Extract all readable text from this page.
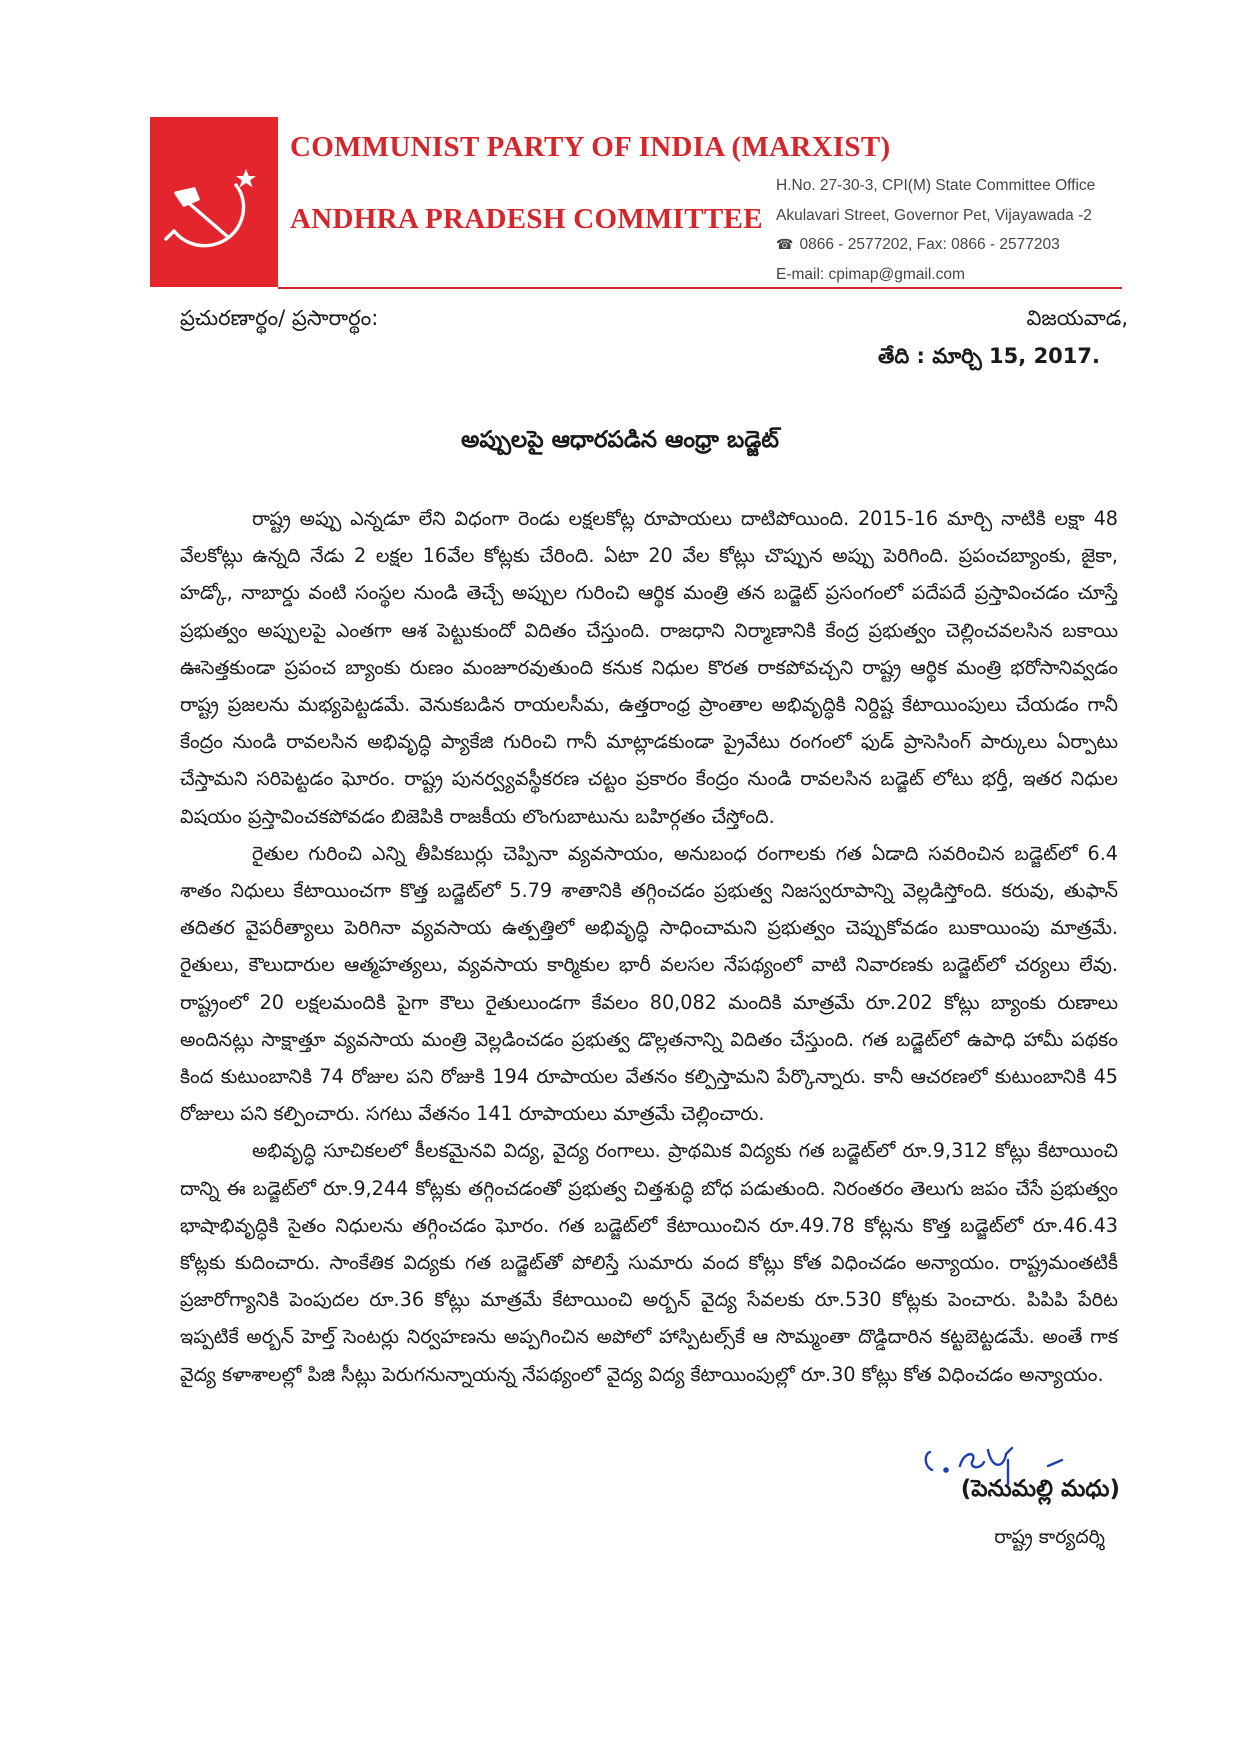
COMMUNIST PARTY OF INDIA (MARXIST)
ANDHRA PRADESH COMMITTEE
H.No. 27-30-3, CPI(M) State Committee Office
Akulavari Street, Governor Pet, Vijayawada -2
☎ 0866 - 2577202, Fax: 0866 - 2577203
E-mail: cpimap@gmail.com
ప్రచురణార్థం/ ప్రసారార్థం:	విజయవాడ,
తేది : మార్చి 15, 2017.
అప్పులపై ఆధారపడిన ఆంధ్రా బడ్జెట్

రాష్ట్ర అప్పు ఎన్నడూ లేని విధంగా రెండు లక్షలకోట్ల రూపాయలు దాటిపోయింది. 2015-16 మార్చి నాటికి లక్షా 48 వేలకోట్లు ఉన్నది నేడు 2 లక్షల 16వేల కోట్లకు చేరింది. ఏటా 20 వేల కోట్లు చొప్పున అప్పు పెరిగింది. ప్రపంచబ్యాంకు, జైకా, హడ్కో, నాబార్డు వంటి సంస్థల నుండి తెచ్చే అప్పుల గురించి ఆర్థిక మంత్రి తన బడ్జెట్ ప్రసంగంలో పదేపదే ప్రస్తావించడం చూస్తే ప్రభుత్వం అప్పులపై ఎంతగా ఆశ పెట్టుకుందో విదితం చేస్తుంది. రాజధాని నిర్మాణానికి కేంద్ర ప్రభుత్వం చెల్లించవలసిన బకాయి ఊసెత్తకుండా ప్రపంచ బ్యాంకు రుణం మంజూరవుతుంది కనుక నిధుల కొరత రాకపోవచ్చని రాష్ట్ర ఆర్థిక మంత్రి భరోసానివ్వడం రాష్ట్ర ప్రజలను మభ్యపెట్టడమే. వెనుకబడిన రాయలసీమ, ఉత్తరాంధ్ర ప్రాంతాల అభివృద్ధికి నిర్దిష్ట కేటాయింపులు చేయడం గానీ కేంద్రం నుండి రావలసిన అభివృద్ధి ప్యాకేజి గురించి గానీ మాట్లాడకుండా ప్రైవేటు రంగంలో ఫుడ్ ప్రాసెసింగ్ పార్కులు ఏర్పాటు చేస్తామని సరిపెట్టడం ఘోరం. రాష్ట్ర పునర్వ్యవస్థీకరణ చట్టం ప్రకారం కేంద్రం నుండి రావలసిన బడ్జెట్ లోటు భర్తీ, ఇతర నిధుల విషయం ప్రస్తావించకపోవడం బిజెపికి రాజకీయ లొంగుబాటును బహిర్గతం చేస్తోంది.

రైతుల గురించి ఎన్ని తీపికబుర్లు చెప్పినా వ్యవసాయం, అనుబంధ రంగాలకు గత ఏడాది సవరించిన బడ్జెట్‌లో 6.4 శాతం నిధులు కేటాయించగా కొత్త బడ్జెట్‌లో 5.79 శాతానికి తగ్గించడం ప్రభుత్వ నిజస్వరూపాన్ని వెల్లడిస్తోంది. కరువు, తుఫాన్ తదితర వైపరీత్యాలు పెరిగినా వ్యవసాయ ఉత్పత్తిలో అభివృద్ధి సాధించామని ప్రభుత్వం చెప్పుకోవడం బుకాయింపు మాత్రమే. రైతులు, కౌలుదారుల ఆత్మహత్యలు, వ్యవసాయ కార్మికుల భారీ వలసల నేపథ్యంలో వాటి నివారణకు బడ్జెట్‌లో చర్యలు లేవు. రాష్ట్రంలో 20 లక్షలమందికి పైగా కౌలు రైతులుండగా కేవలం 80,082 మందికి మాత్రమే రూ.202 కోట్లు బ్యాంకు రుణాలు అందినట్లు సాక్షాత్తూ వ్యవసాయ మంత్రి వెల్లడించడం ప్రభుత్వ డొల్లతనాన్ని విదితం చేస్తుంది. గత బడ్జెట్‌లో ఉపాధి హామీ పథకం కింద కుటుంబానికి 74 రోజుల పని రోజుకి 194 రూపాయల వేతనం కల్పిస్తామని పేర్కొన్నారు. కానీ ఆచరణలో కుటుంబానికి 45 రోజులు పని కల్పించారు. సగటు వేతనం 141 రూపాయలు మాత్రమే చెల్లించారు.

అభివృద్ధి సూచికలలో కీలకమైనవి విద్య, వైద్య రంగాలు. ప్రాథమిక విద్యకు గత బడ్జెట్‌లో రూ.9,312 కోట్లు కేటాయించి దాన్ని ఈ బడ్జెట్‌లో రూ.9,244 కోట్లకు తగ్గించడంతో ప్రభుత్వ చిత్తశుద్ధి బోధ పడుతుంది. నిరంతరం తెలుగు జపం చేసే ప్రభుత్వం భాషాభివృద్ధికి సైతం నిధులను తగ్గించడం ఘోరం. గత బడ్జెట్‌లో కేటాయించిన రూ.49.78 కోట్లను కొత్త బడ్జెట్‌లో రూ.46.43 కోట్లకు కుదించారు. సాంకేతిక విద్యకు గత బడ్జెట్‌తో పోలిస్తే సుమారు వంద కోట్లు కోత విధించడం అన్యాయం. రాష్ట్రమంతటికీ ప్రజారోగ్యానికి పెంపుదల రూ.36 కోట్లు మాత్రమే కేటాయించి అర్బన్ వైద్య సేవలకు రూ.530 కోట్లకు పెంచారు. పిపిపి పేరిట ఇప్పటికే అర్బన్ హెల్త్ సెంటర్లు నిర్వహణను అప్పగించిన అపోలో హాస్పిటల్స్‌కే ఆ సొమ్మంతా దొడ్డిదారిన కట్టబెట్టడమే. అంతే గాక వైద్య కళాశాలల్లో పిజి సీట్లు పెరుగనున్నాయన్న నేపథ్యంలో వైద్య విద్య కేటాయింపుల్లో రూ.30 కోట్లు కోత విధించడం అన్యాయం.

(పెనుమల్లి మధు)
రాష్ట్ర కార్యదర్శి
